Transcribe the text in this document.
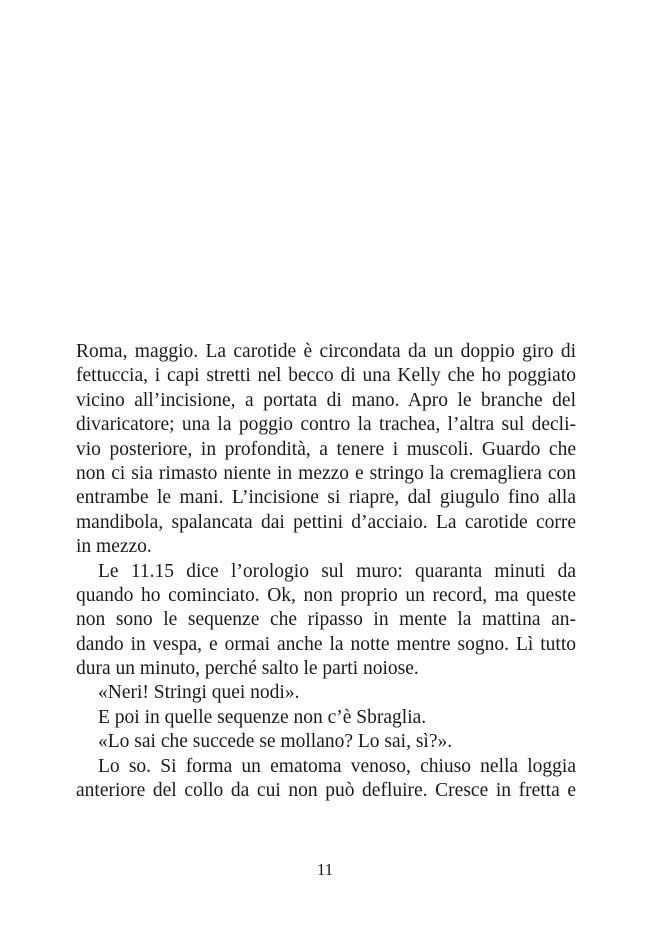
Roma, maggio. La carotide è circondata da un doppio giro di
fettuccia, i capi stretti nel becco di una Kelly che ho poggiato
vicino all’incisione, a portata di mano. Apro le branche del
divaricatore; una la poggio contro la trachea, l’altra sul decli-
vio posteriore, in profondità, a tenere i muscoli. Guardo che
non ci sia rimasto niente in mezzo e stringo la cremagliera con
entrambe le mani. L’incisione si riapre, dal giugulo fino alla
mandibola, spalancata dai pettini d’acciaio. La carotide corre
in mezzo.
Le 11.15 dice l’orologio sul muro: quaranta minuti da
quando ho cominciato. Ok, non proprio un record, ma queste
non sono le sequenze che ripasso in mente la mattina an-
dando in vespa, e ormai anche la notte mentre sogno. Lì tutto
dura un minuto, perché salto le parti noiose.
«Neri! Stringi quei nodi».
E poi in quelle sequenze non c’è Sbraglia.
«Lo sai che succede se mollano? Lo sai, sì?».
Lo so. Si forma un ematoma venoso, chiuso nella loggia
anteriore del collo da cui non può defluire. Cresce in fretta e
11
